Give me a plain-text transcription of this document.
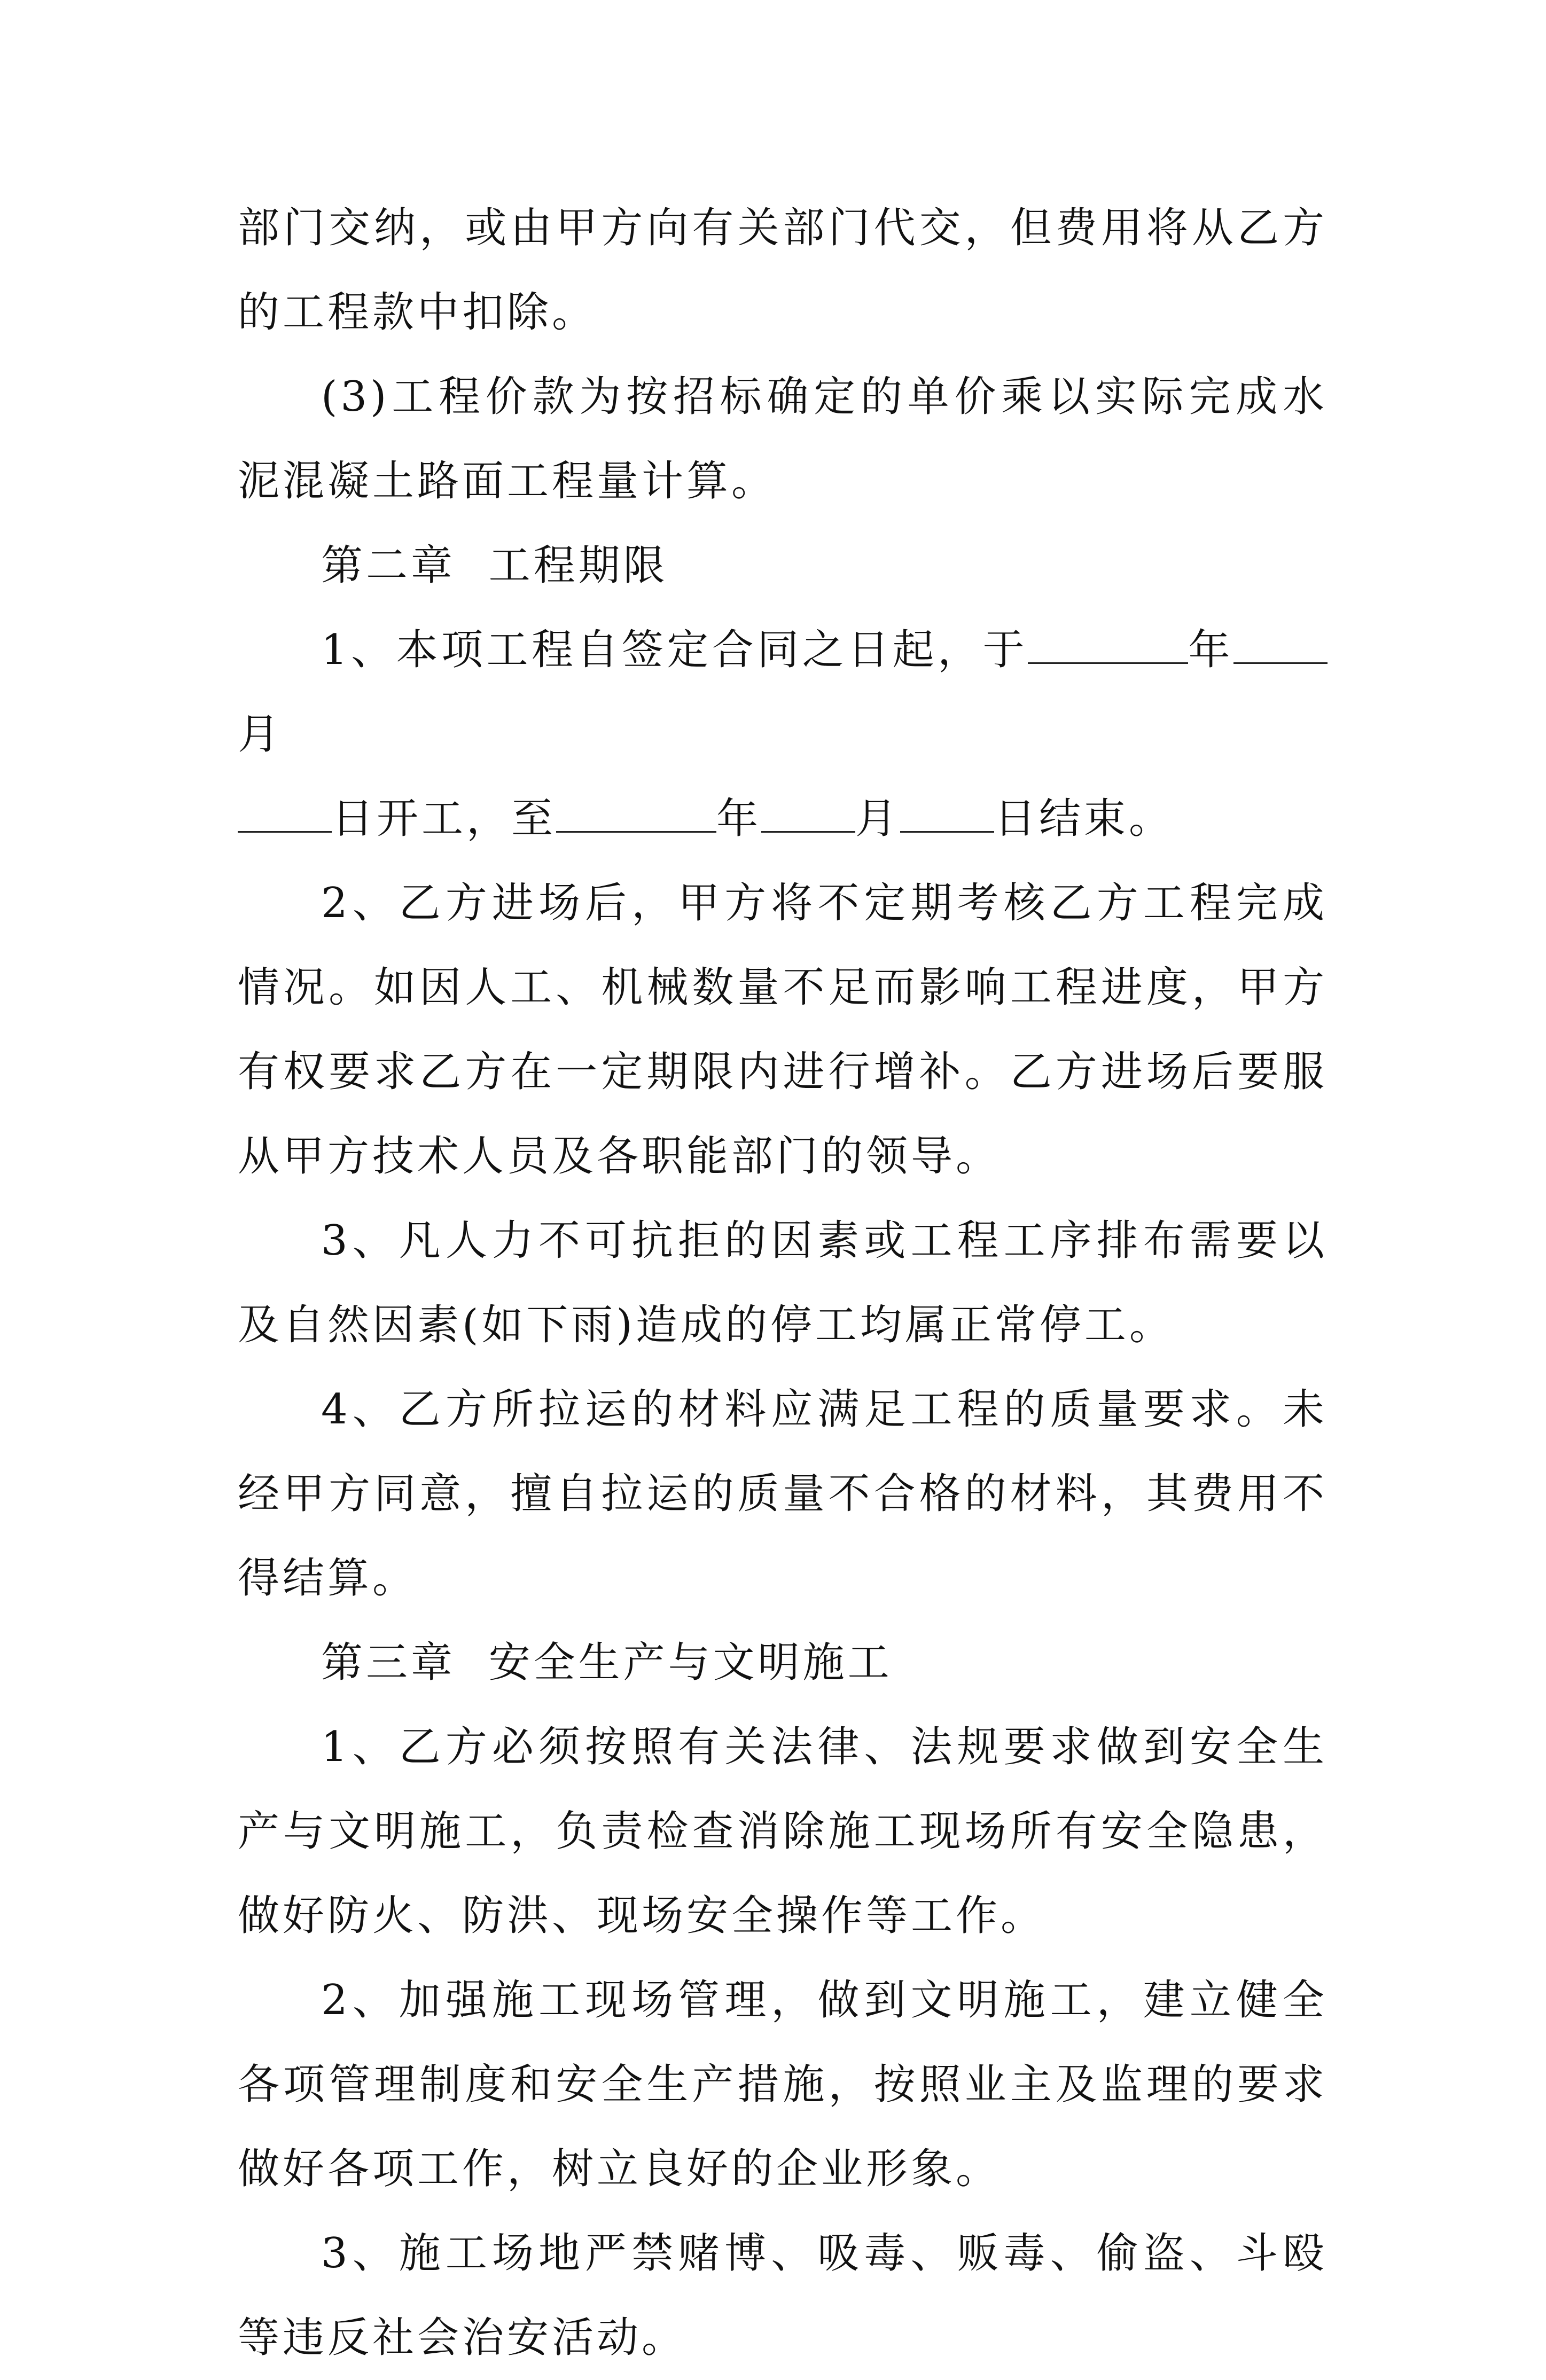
部门交纳，或由甲方向有关部门代交，但费用将从乙方的工程款中扣除。

(3)工程价款为按招标确定的单价乘以实际完成水泥混凝土路面工程量计算。

第二章  工程期限

1、本项工程自签定合同之日起，于	年月
日开工，至	年 月 日结束。

2、乙方进场后，甲方将不定期考核乙方工程完成情况。如因人工、机械数量不足而影响工程进度，甲方有权要求乙方在一定期限内进行增补。乙方进场后要服从甲方技术人员及各职能部门的领导。

3、凡人力不可抗拒的因素或工程工序排布需要以及自然因素(如下雨)造成的停工均属正常停工。

4、乙方所拉运的材料应满足工程的质量要求。未经甲方同意，擅自拉运的质量不合格的材料，其费用不得结算。

第三章  安全生产与文明施工

1、乙方必须按照有关法律、法规要求做到安全生产与文明施工，负责检查消除施工现场所有安全隐患，做好防火、防洪、现场安全操作等工作。

2、加强施工现场管理，做到文明施工，建立健全各项管理制度和安全生产措施，按照业主及监理的要求做好各项工作，树立良好的企业形象。

3、施工场地严禁赌博、吸毒、贩毒、偷盗、斗殴等违反社会治安活动。
